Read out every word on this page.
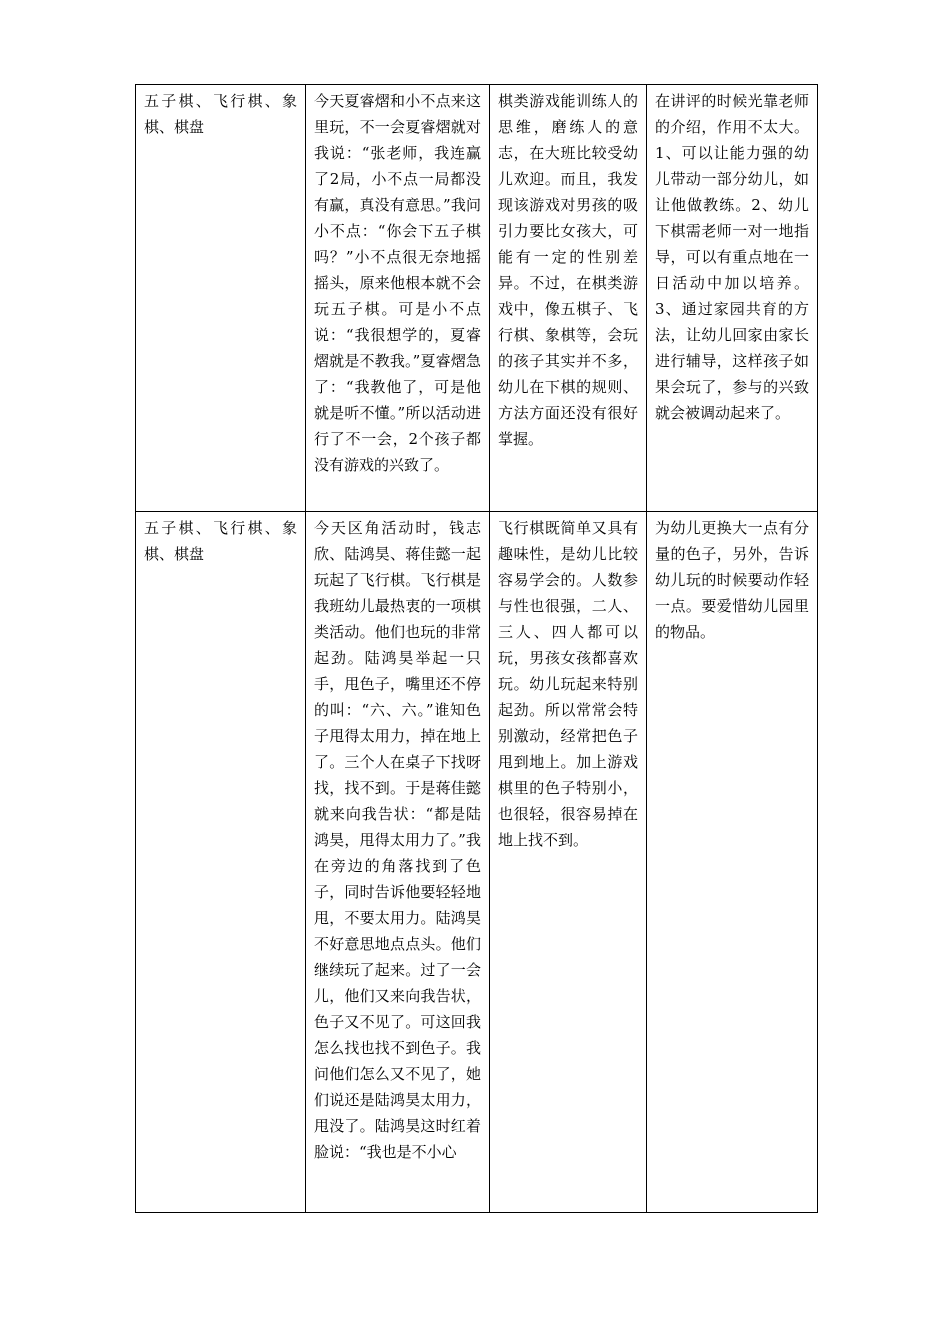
五子棋、飞行棋、象棋、棋盘	今天夏睿熠和小不点来这里玩，不一会夏睿熠就对我说：“张老师，我连赢了2局，小不点一局都没有赢，真没有意思。”我问小不点：“你会下五子棋吗？”小不点很无奈地摇摇头，原来他根本就不会玩五子棋。可是小不点说：“我很想学的，夏睿熠就是不教我。”夏睿熠急了：“我教他了，可是他就是听不懂。”所以活动进行了不一会，2个孩子都没有游戏的兴致了。	棋类游戏能训练人的思维，磨练人的意志，在大班比较受幼儿欢迎。而且，我发现该游戏对男孩的吸引力要比女孩大，可能有一定的性别差异。不过，在棋类游戏中，像五棋子、飞行棋、象棋等，会玩的孩子其实并不多，幼儿在下棋的规则、方法方面还没有很好掌握。	在讲评的时候光靠老师的介绍，作用不太大。1、可以让能力强的幼儿带动一部分幼儿，如让他做教练。2、幼儿下棋需老师一对一地指导，可以有重点地在一日活动中加以培养。3、通过家园共育的方法，让幼儿回家由家长进行辅导，这样孩子如果会玩了，参与的兴致就会被调动起来了。
五子棋、飞行棋、象棋、棋盘	今天区角活动时，钱志欣、陆鸿昊、蒋佳懿一起玩起了飞行棋。飞行棋是我班幼儿最热衷的一项棋类活动。他们也玩的非常起劲。陆鸿昊举起一只手，甩色子，嘴里还不停的叫：“六、六。”谁知色子甩得太用力，掉在地上了。三个人在桌子下找呀找，找不到。于是蒋佳懿就来向我告状：“都是陆鸿昊，甩得太用力了。”我在旁边的角落找到了色子，同时告诉他要轻轻地甩，不要太用力。陆鸿昊不好意思地点点头。他们继续玩了起来。过了一会儿，他们又来向我告状，色子又不见了。可这回我怎么找也找不到色子。我问他们怎么又不见了，她们说还是陆鸿昊太用力，甩没了。陆鸿昊这时红着脸说：“我也是不小心	飞行棋既简单又具有趣味性，是幼儿比较容易学会的。人数参与性也很强，二人、三人、四人都可以玩，男孩女孩都喜欢玩。幼儿玩起来特别起劲。所以常常会特别激动，经常把色子甩到地上。加上游戏棋里的色子特别小，也很轻，很容易掉在地上找不到。	为幼儿更换大一点有分量的色子，另外，告诉幼儿玩的时候要动作轻一点。要爱惜幼儿园里的物品。
